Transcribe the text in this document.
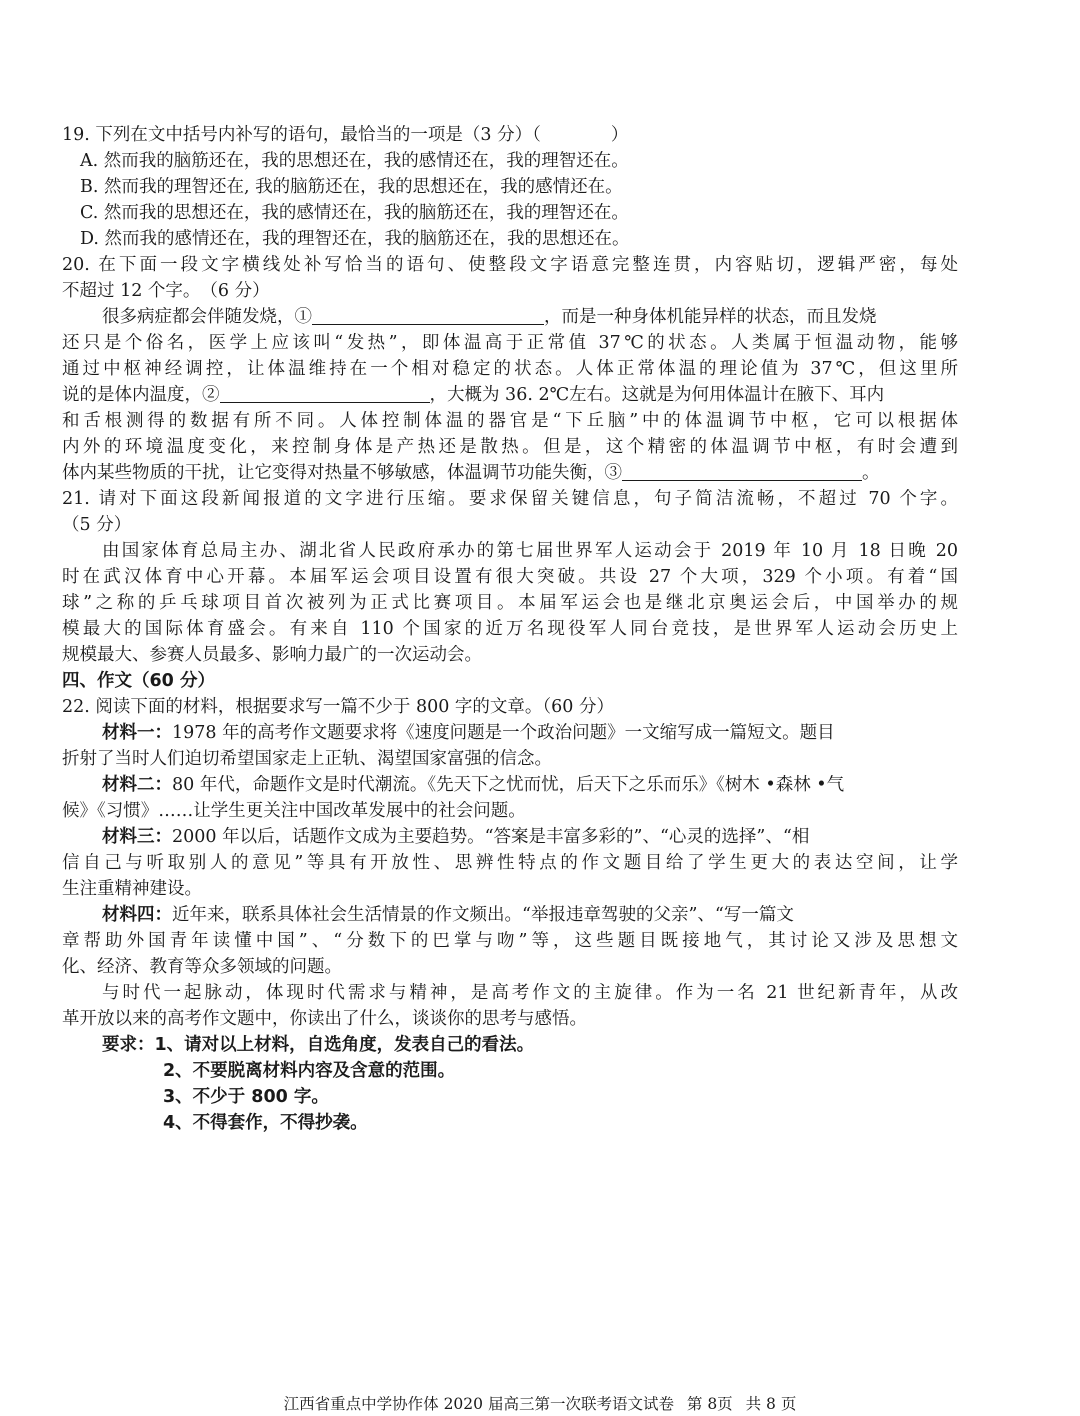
19. 下列在文中括号内补写的语句，最恰当的一项是（3 分）（　　　　）
A. 然而我的脑筋还在，我的思想还在，我的感情还在，我的理智还在。
B. 然而我的理智还在, 我的脑筋还在，我的思想还在，我的感情还在。
C. 然而我的思想还在，我的感情还在，我的脑筋还在，我的理智还在。
D. 然而我的感情还在，我的理智还在，我的脑筋还在，我的思想还在。
20. 在下面一段文字横线处补写恰当的语句、使整段文字语意完整连贯，内容贴切，逻辑严密，每处
不超过 12 个字。　（6 分）
很多病症都会伴随发烧，①	，而是一种身体机能异样的状态，而且发烧
还只是个俗名，医学上应该叫“发热”，即体温高于正常值 37℃的状态。人类属于恒温动物，能够
通过中枢神经调控，让体温维持在一个相对稳定的状态。人体正常体温的理论值为 37℃，但这里所
说的是体内温度，②	，大概为 36. 2℃左右。这就是为何用体温计在腋下、耳内
和舌根测得的数据有所不同。人体控制体温的器官是“下丘脑”中的体温调节中枢，它可以根据体
内外的环境温度变化，来控制身体是产热还是散热。但是，这个精密的体温调节中枢，有时会遭到
体内某些物质的干扰，让它变得对热量不够敏感，体温调节功能失衡，③	。
21. 请对下面这段新闻报道的文字进行压缩。要求保留关键信息，句子简洁流畅，不超过 70 个字。
（5 分）
由国家体育总局主办、湖北省人民政府承办的第七届世界军人运动会于 2019 年 10 月 18 日晚 20
时在武汉体育中心开幕。本届军运会项目设置有很大突破。共设 27 个大项，329 个小项。有着“国
球”之称的乒乓球项目首次被列为正式比赛项目。本届军运会也是继北京奥运会后，中国举办的规
模最大的国际体育盛会。有来自 110 个国家的近万名现役军人同台竞技，是世界军人运动会历史上
规模最大、参赛人员最多、影响力最广的一次运动会。
四、作文（60 分）
22. 阅读下面的材料，根据要求写一篇不少于 800 字的文章。（60 分）
材料一：1978 年的高考作文题要求将《速度问题是一个政治问题》一文缩写成一篇短文。题目
折射了当时人们迫切希望国家走上正轨、渴望国家富强的信念。
材料二：80 年代，命题作文是时代潮流。《先天下之忧而忧，后天下之乐而乐》《树木 •森林 •气
候》《习惯》……让学生更关注中国改革发展中的社会问题。
材料三：2000 年以后，话题作文成为主要趋势。“答案是丰富多彩的”、“心灵的选择”、“相
信自己与听取别人的意见”等具有开放性、思辨性特点的作文题目给了学生更大的表达空间，让学
生注重精神建设。
材料四：近年来，联系具体社会生活情景的作文频出。“举报违章驾驶的父亲”、“写一篇文
章帮助外国青年读懂中国”、“分数下的巴掌与吻”等，这些题目既接地气，其讨论又涉及思想文
化、经济、教育等众多领域的问题。
与时代一起脉动，体现时代需求与精神，是高考作文的主旋律。作为一名 21 世纪新青年，从改
革开放以来的高考作文题中，你读出了什么，谈谈你的思考与感悟。
要求：1、请对以上材料，自选角度，发表自己的看法。
2、不要脱离材料内容及含意的范围。
3、不少于 800 字。
4、不得套作，不得抄袭。
江西省重点中学协作体 2020 届高三第一次联考语文试卷 第 8页 共 8 页
